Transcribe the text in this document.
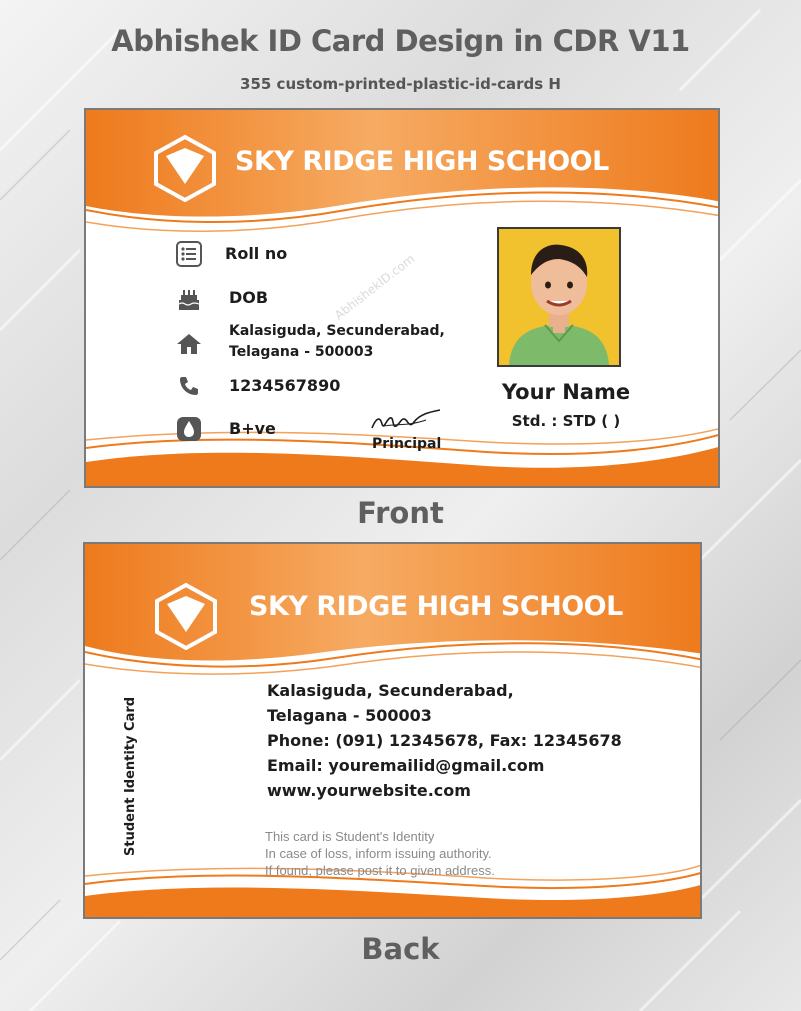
Abhishek ID Card Design in CDR V11
355 custom-printed-plastic-id-cards H
SKY RIDGE HIGH SCHOOL
AbhishekID.com
Roll no
DOB
Kalasiguda, Secunderabad,
Telagana - 500003
1234567890
B+ve
Principal
Your Name
Std. : STD ( )
Front
SKY RIDGE HIGH SCHOOL
Student Identity Card
Kalasiguda, Secunderabad,
Telagana - 500003
Phone: (091) 12345678, Fax: 12345678
Email: youremailid@gmail.com
www.yourwebsite.com
This card is Student's Identity
In case of loss, inform issuing authority.
If found, please post it to given address.
Back
